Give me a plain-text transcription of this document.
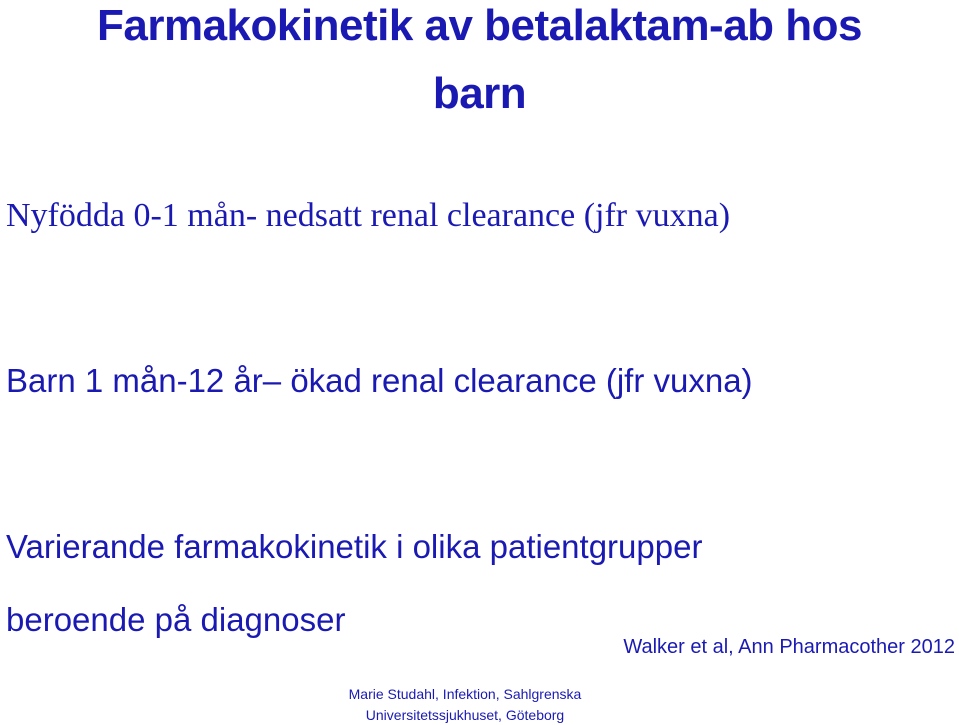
Farmakokinetik av betalaktam-ab hos
barn
Nyfödda 0-1 mån- nedsatt renal clearance (jfr vuxna)
Barn 1 mån-12 år– ökad renal clearance (jfr vuxna)
Varierande farmakokinetik i olika patientgrupper
beroende på diagnoser
Walker et al, Ann Pharmacother 2012
Marie Studahl, Infektion, Sahlgrenska
Universitetssjukhuset, Göteborg
